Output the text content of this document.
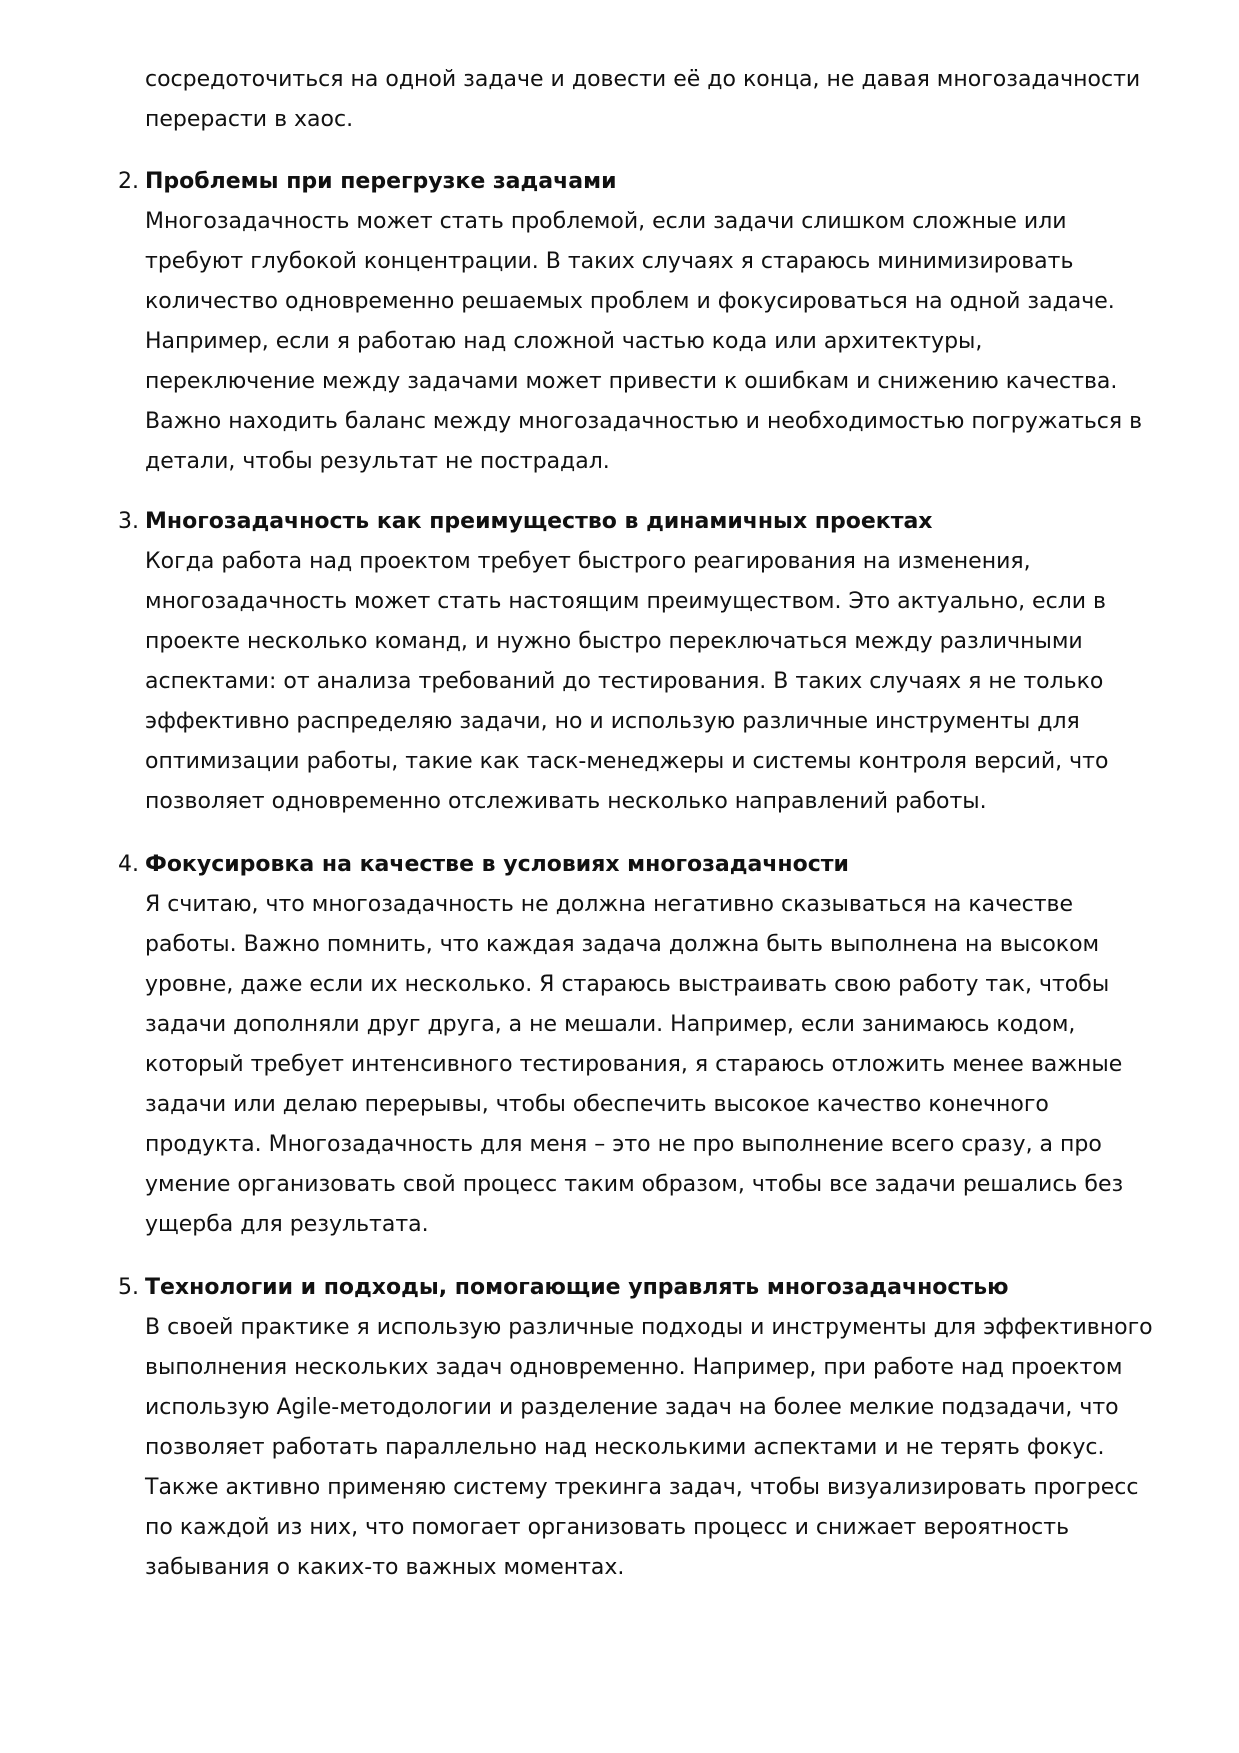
сосредоточиться на одной задаче и довести её до конца, не давая многозадачности перерасти в хаос.

2. Проблемы при перегрузке задачами

Многозадачность может стать проблемой, если задачи слишком сложные или требуют глубокой концентрации. В таких случаях я стараюсь минимизировать количество одновременно решаемых проблем и фокусироваться на одной задаче. Например, если я работаю над сложной частью кода или архитектуры, переключение между задачами может привести к ошибкам и снижению качества. Важно находить баланс между многозадачностью и необходимостью погружаться в детали, чтобы результат не пострадал.

3. Многозадачность как преимущество в динамичных проектах

Когда работа над проектом требует быстрого реагирования на изменения, многозадачность может стать настоящим преимуществом. Это актуально, если в проекте несколько команд, и нужно быстро переключаться между различными аспектами: от анализа требований до тестирования. В таких случаях я не только эффективно распределяю задачи, но и использую различные инструменты для оптимизации работы, такие как таск-менеджеры и системы контроля версий, что позволяет одновременно отслеживать несколько направлений работы.

4. Фокусировка на качестве в условиях многозадачности

Я считаю, что многозадачность не должна негативно сказываться на качестве работы. Важно помнить, что каждая задача должна быть выполнена на высоком уровне, даже если их несколько. Я стараюсь выстраивать свою работу так, чтобы задачи дополняли друг друга, а не мешали. Например, если занимаюсь кодом, который требует интенсивного тестирования, я стараюсь отложить менее важные задачи или делаю перерывы, чтобы обеспечить высокое качество конечного продукта. Многозадачность для меня – это не про выполнение всего сразу, а про умение организовать свой процесс таким образом, чтобы все задачи решались без ущерба для результата.

5. Технологии и подходы, помогающие управлять многозадачностью

В своей практике я использую различные подходы и инструменты для эффективного выполнения нескольких задач одновременно. Например, при работе над проектом использую Agile-методологии и разделение задач на более мелкие подзадачи, что позволяет работать параллельно над несколькими аспектами и не терять фокус. Также активно применяю систему трекинга задач, чтобы визуализировать прогресс по каждой из них, что помогает организовать процесс и снижает вероятность забывания о каких-то важных моментах.
